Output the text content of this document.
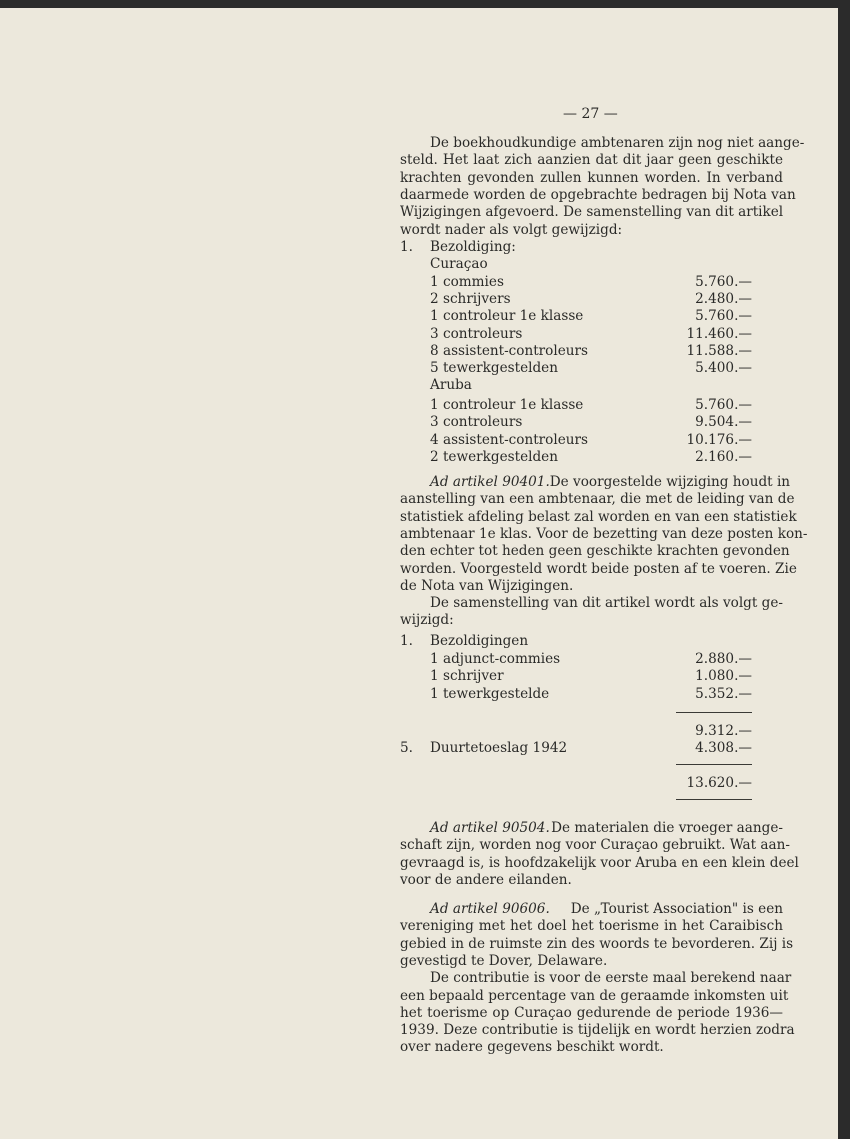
— 27 —
De boekhoudkundige ambtenaren zijn nog niet aange-
steld. Het laat zich aanzien dat dit jaar geen geschikte
krachten gevonden zullen kunnen worden. In verband
daarmede worden de opgebrachte bedragen bij Nota van
Wijzigingen afgevoerd. De samenstelling van dit artikel
wordt nader als volgt gewijzigd:
1. Bezoldiging:
Curaçao
1 commies	5.760.—
2 schrijvers	2.480.—
1 controleur 1e klasse	5.760.—
3 controleurs	11.460.—
8 assistent-controleurs	11.588.—
5 tewerkgestelden	5.400.—
Aruba
1 controleur 1e klasse	5.760.—
3 controleurs	9.504.—
4 assistent-controleurs	10.176.—
2 tewerkgestelden	2.160.—
Ad artikel 90401. De voorgestelde wijziging houdt in
aanstelling van een ambtenaar, die met de leiding van de
statistiek afdeling belast zal worden en van een statistiek
ambtenaar 1e klas. Voor de bezetting van deze posten kon-
den echter tot heden geen geschikte krachten gevonden
worden. Voorgesteld wordt beide posten af te voeren. Zie
de Nota van Wijzigingen.
De samenstelling van dit artikel wordt als volgt ge-
wijzigd:
1. Bezoldigingen
1 adjunct-commies	2.880.—
1 schrijver	1.080.—
1 tewerkgestelde	5.352.—
9.312.—
5. Duurtetoeslag 1942	4.308.—
13.620.—
Ad artikel 90504. De materialen die vroeger aange-
schaft zijn, worden nog voor Curaçao gebruikt. Wat aan-
gevraagd is, is hoofdzakelijk voor Aruba en een klein deel
voor de andere eilanden.
Ad artikel 90606. De „Tourist Association" is een
vereniging met het doel het toerisme in het Caraibisch
gebied in de ruimste zin des woords te bevorderen. Zij is
gevestigd te Dover, Delaware.
De contributie is voor de eerste maal berekend naar
een bepaald percentage van de geraamde inkomsten uit
het toerisme op Curaçao gedurende de periode 1936—
1939. Deze contributie is tijdelijk en wordt herzien zodra
over nadere gegevens beschikt wordt.
